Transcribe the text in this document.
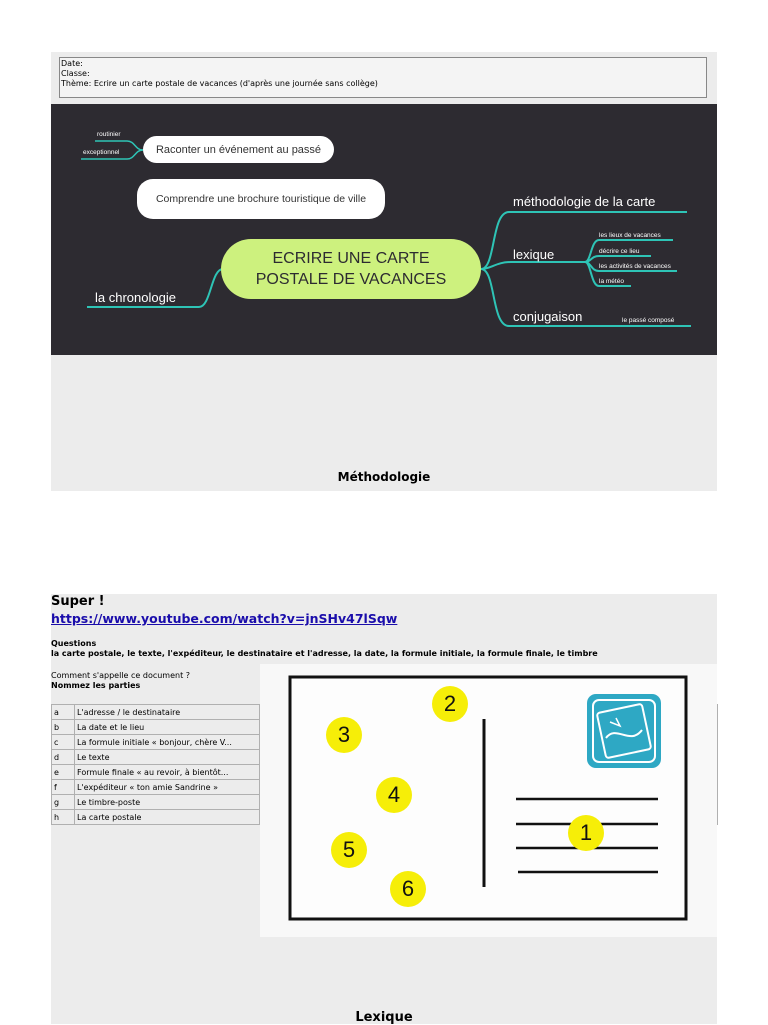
Date:
Classe:
Thème: Ecrire un carte postale de vacances (d'après une journée sans collège)
Raconter un événement au passé
routinier
exceptionnel
Comprendre une brochure touristique de ville
ECRIRE UNE CARTE
POSTALE DE VACANCES
la chronologie
méthodologie de la carte
lexique
les lieux de vacances
décrire ce lieu
les activités de vacances
la météo
conjugaison	le passé composé
Méthodologie
Super !
https://www.youtube.com/watch?v=jnSHv47lSqw
Questions
la carte postale, le texte, l'expéditeur, le destinataire et l'adresse, la date, la formule initiale, la formule finale, le timbre
Comment s'appelle ce document ?
Nommez les parties
a	L'adresse / le destinataire	
b	La date et le lieu	
c	La formule initiale « bonjour, chère V...	
d	Le texte	
e	Formule finale « au revoir, à bientôt...	
f	L'expéditeur « ton amie Sandrine »	
g	Le timbre-poste	
h	La carte postale	
1
2
3
4
5
6
Lexique
